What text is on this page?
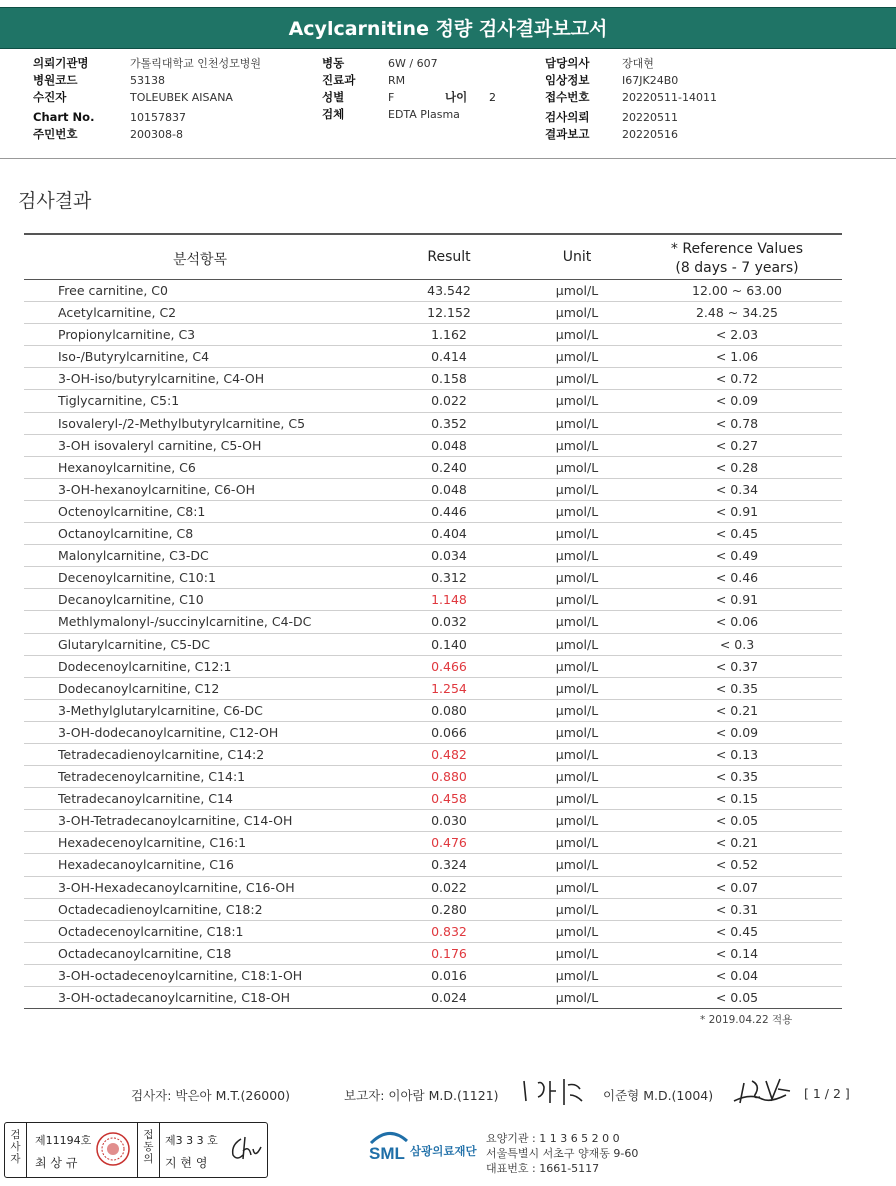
Acylcarnitine 정량 검사결과보고서
의뢰기관명	가톨릭대학교 인천성모병원
병원코드	53138
수진자	TOLEUBEK AISANA
Chart No.	10157837
주민번호	200308-8
병동	6W / 607
진료과	RM
성별	F	나이 2
검체	EDTA Plasma
담당의사	장대현
임상정보	I67JK24B0
접수번호	20220511-14011
검사의뢰	20220511
결과보고	20220516
검사결과
분석항목	Result	Unit	* Reference Values
(8 days - 7 years)
Free carnitine, C0	43.542	μmol/L	12.00 ~ 63.00
Acetylcarnitine, C2	12.152	μmol/L	2.48 ~ 34.25
Propionylcarnitine, C3	1.162	μmol/L	< 2.03
Iso-/Butyrylcarnitine, C4	0.414	μmol/L	< 1.06
3-OH-iso/butyrylcarnitine, C4-OH	0.158	μmol/L	< 0.72
Tiglycarnitine, C5:1	0.022	μmol/L	< 0.09
Isovaleryl-/2-Methylbutyrylcarnitine, C5	0.352	μmol/L	< 0.78
3-OH isovaleryl carnitine, C5-OH	0.048	μmol/L	< 0.27
Hexanoylcarnitine, C6	0.240	μmol/L	< 0.28
3-OH-hexanoylcarnitine, C6-OH	0.048	μmol/L	< 0.34
Octenoylcarnitine, C8:1	0.446	μmol/L	< 0.91
Octanoylcarnitine, C8	0.404	μmol/L	< 0.45
Malonylcarnitine, C3-DC	0.034	μmol/L	< 0.49
Decenoylcarnitine, C10:1	0.312	μmol/L	< 0.46
Decanoylcarnitine, C10	1.148	μmol/L	< 0.91
Methlymalonyl-/succinylcarnitine, C4-DC	0.032	μmol/L	< 0.06
Glutarylcarnitine, C5-DC	0.140	μmol/L	< 0.3
Dodecenoylcarnitine, C12:1	0.466	μmol/L	< 0.37
Dodecanoylcarnitine, C12	1.254	μmol/L	< 0.35
3-Methylglutarylcarnitine, C6-DC	0.080	μmol/L	< 0.21
3-OH-dodecanoylcarnitine, C12-OH	0.066	μmol/L	< 0.09
Tetradecadienoylcarnitine, C14:2	0.482	μmol/L	< 0.13
Tetradecenoylcarnitine, C14:1	0.880	μmol/L	< 0.35
Tetradecanoylcarnitine, C14	0.458	μmol/L	< 0.15
3-OH-Tetradecanoylcarnitine, C14-OH	0.030	μmol/L	< 0.05
Hexadecenoylcarnitine, C16:1	0.476	μmol/L	< 0.21
Hexadecanoylcarnitine, C16	0.324	μmol/L	< 0.52
3-OH-Hexadecanoylcarnitine, C16-OH	0.022	μmol/L	< 0.07
Octadecadienoylcarnitine, C18:2	0.280	μmol/L	< 0.31
Octadecenoylcarnitine, C18:1	0.832	μmol/L	< 0.45
Octadecanoylcarnitine, C18	0.176	μmol/L	< 0.14
3-OH-octadecenoylcarnitine, C18:1-OH	0.016	μmol/L	< 0.04
3-OH-octadecanoylcarnitine, C18-OH	0.024	μmol/L	< 0.05
* 2019.04.22 적용
검사자: 박은아 M.T.(26000)	보고자: 이아람 M.D.(1121)	이준형 M.D.(1004)	[ 1 / 2 ]
검
사
자
제11194호
최 상 규
접
동
의
제3 3 3 호
지 현 영	SML 삼광의료재단
요양기관 : 1 1 3 6 5 2 0 0
서울특별시 서초구 양재동 9-60
대표번호 : 1661-5117
